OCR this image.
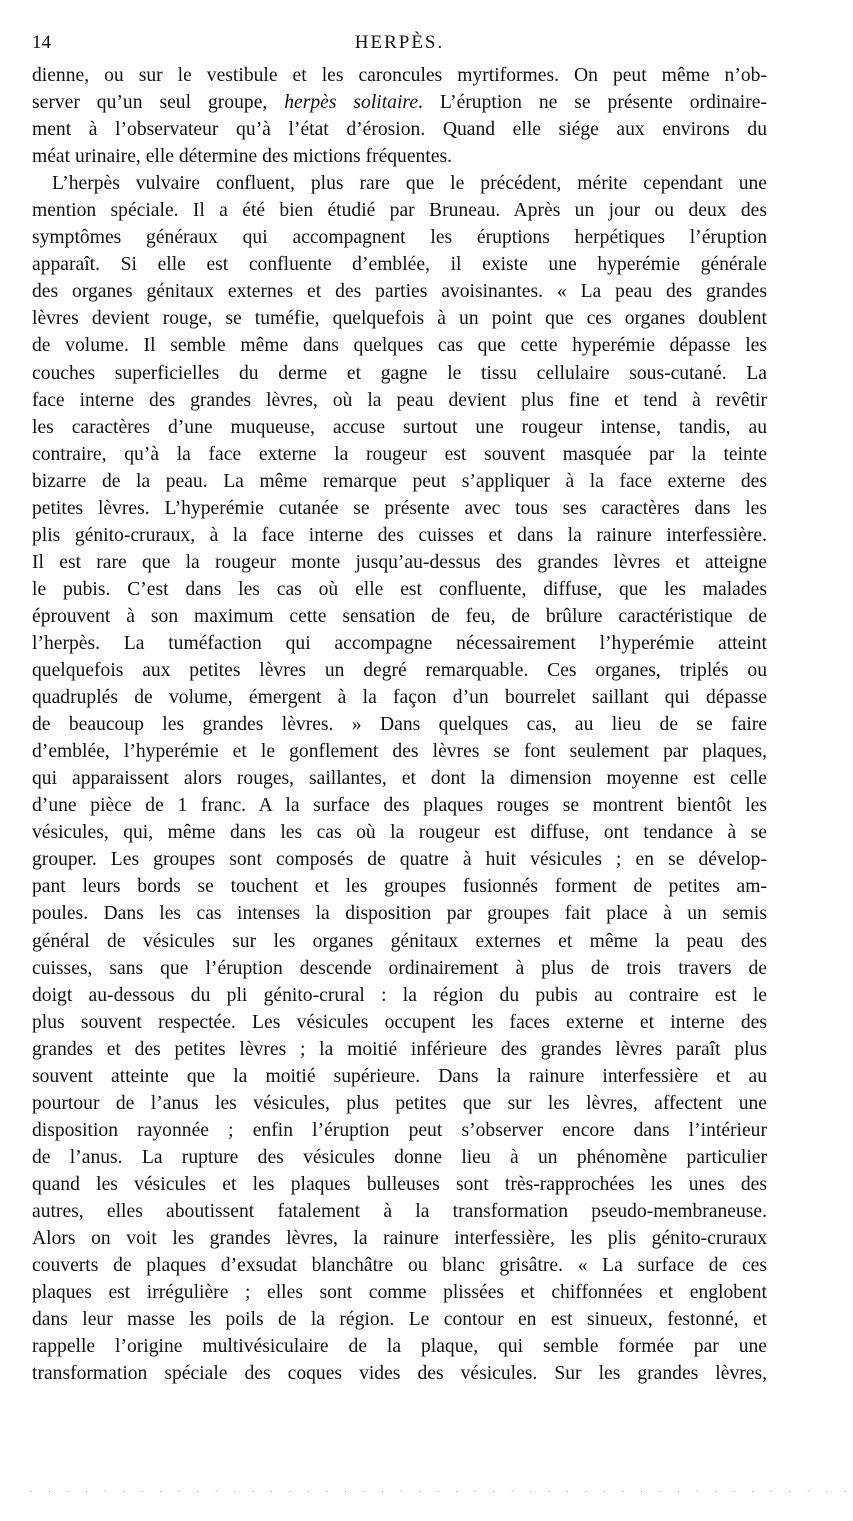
14	HERPÈS.
dienne, ou sur le vestibule et les caroncules myrtiformes. On peut même n’ob-
server qu’un seul groupe, herpès solitaire. L’éruption ne se présente ordinaire-
ment à l’observateur qu’à l’état d’érosion. Quand elle siége aux environs du
méat urinaire, elle détermine des mictions fréquentes.
L’herpès vulvaire confluent, plus rare que le précédent, mérite cependant une
mention spéciale. Il a été bien étudié par Bruneau. Après un jour ou deux des
symptômes généraux qui accompagnent les éruptions herpétiques l’éruption
apparaît. Si elle est confluente d’emblée, il existe une hyperémie générale
des organes génitaux externes et des parties avoisinantes. « La peau des grandes
lèvres devient rouge, se tuméfie, quelquefois à un point que ces organes doublent
de volume. Il semble même dans quelques cas que cette hyperémie dépasse les
couches superficielles du derme et gagne le tissu cellulaire sous-cutané. La
face interne des grandes lèvres, où la peau devient plus fine et tend à revêtir
les caractères d’une muqueuse, accuse surtout une rougeur intense, tandis, au
contraire, qu’à la face externe la rougeur est souvent masquée par la teinte
bizarre de la peau. La même remarque peut s’appliquer à la face externe des
petites lèvres. L’hyperémie cutanée se présente avec tous ses caractères dans les
plis génito-cruraux, à la face interne des cuisses et dans la rainure interfessière.
Il est rare que la rougeur monte jusqu’au-dessus des grandes lèvres et atteigne
le pubis. C’est dans les cas où elle est confluente, diffuse, que les malades
éprouvent à son maximum cette sensation de feu, de brûlure caractéristique de
l’herpès. La tuméfaction qui accompagne nécessairement l’hyperémie atteint
quelquefois aux petites lèvres un degré remarquable. Ces organes, triplés ou
quadruplés de volume, émergent à la façon d’un bourrelet saillant qui dépasse
de beaucoup les grandes lèvres. » Dans quelques cas, au lieu de se faire
d’emblée, l’hyperémie et le gonflement des lèvres se font seulement par plaques,
qui apparaissent alors rouges, saillantes, et dont la dimension moyenne est celle
d’une pièce de 1 franc. A la surface des plaques rouges se montrent bientôt les
vésicules, qui, même dans les cas où la rougeur est diffuse, ont tendance à se
grouper. Les groupes sont composés de quatre à huit vésicules ; en se dévelop-
pant leurs bords se touchent et les groupes fusionnés forment de petites am-
poules. Dans les cas intenses la disposition par groupes fait place à un semis
général de vésicules sur les organes génitaux externes et même la peau des
cuisses, sans que l’éruption descende ordinairement à plus de trois travers de
doigt au-dessous du pli génito-crural : la région du pubis au contraire est le
plus souvent respectée. Les vésicules occupent les faces externe et interne des
grandes et des petites lèvres ; la moitié inférieure des grandes lèvres paraît plus
souvent atteinte que la moitié supérieure. Dans la rainure interfessière et au
pourtour de l’anus les vésicules, plus petites que sur les lèvres, affectent une
disposition rayonnée ; enfin l’éruption peut s’observer encore dans l’intérieur
de l’anus. La rupture des vésicules donne lieu à un phénomène particulier
quand les vésicules et les plaques bulleuses sont très-rapprochées les unes des
autres, elles aboutissent fatalement à la transformation pseudo-membraneuse.
Alors on voit les grandes lèvres, la rainure interfessière, les plis génito-cruraux
couverts de plaques d’exsudat blanchâtre ou blanc grisâtre. « La surface de ces
plaques est irrégulière ; elles sont comme plissées et chiffonnées et englobent
dans leur masse les poils de la région. Le contour en est sinueux, festonné, et
rappelle l’origine multivésiculaire de la plaque, qui semble formée par une
transformation spéciale des coques vides des vésicules. Sur les grandes lèvres,
. . . . . . . . . . . . . . . . . . . . . . . . . . . . . . . . . . . . . . . . . . . . .
